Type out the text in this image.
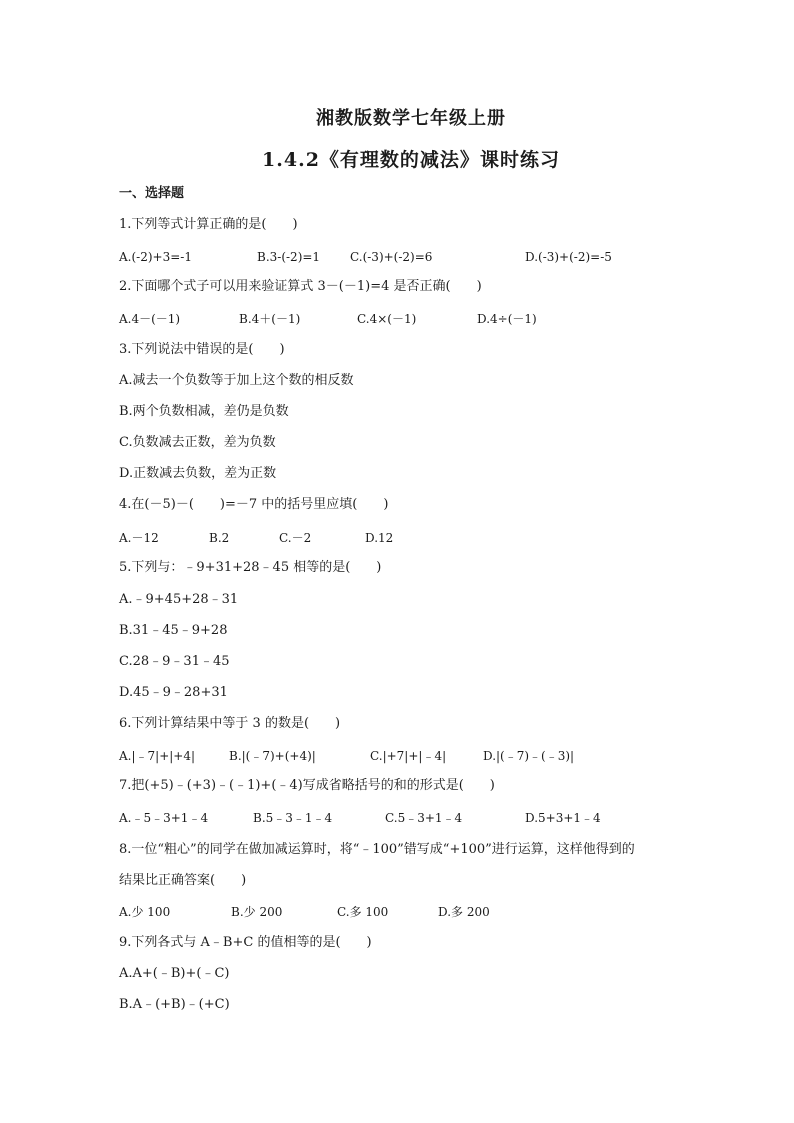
湘教版数学七年级上册
1.4.2《有理数的减法》课时练习
一、选择题
1.下列等式计算正确的是(　　)
A.(-2)+3=-1	B.3-(-2)=1 C.(-3)+(-2)=6	D.(-3)+(-2)=-5
2.下面哪个式子可以用来验证算式 3－(－1)=4 是否正确(　　)
A.4－(－1)	B.4＋(－1)	C.4×(－1)	D.4÷(－1)
3.下列说法中错误的是(　　)
A.减去一个负数等于加上这个数的相反数
B.两个负数相减，差仍是负数
C.负数减去正数，差为负数
D.正数减去负数，差为正数
4.在(－5)－(　　)=－7 中的括号里应填(　　)
A.－12	B.2	C.－2	D.12
5.下列与：﹣9+31+28﹣45 相等的是(　　)
A.﹣9+45+28﹣31
B.31﹣45﹣9+28
C.28﹣9﹣31﹣45
D.45﹣9﹣28+31
6.下列计算结果中等于 3 的数是(　　)
A.|﹣7|+|+4|	B.|(﹣7)+(+4)|	C.|+7|+|﹣4|	D.|(﹣7)﹣(﹣3)|
7.把(+5)﹣(+3)﹣(﹣1)+(﹣4)写成省略括号的和的形式是(　　)
A.﹣5﹣3+1﹣4	B.5﹣3﹣1﹣4	C.5﹣3+1﹣4	D.5+3+1﹣4
8.一位“粗心”的同学在做加减运算时，将“﹣100”错写成“+100”进行运算，这样他得到的
结果比正确答案(　　)
A.少 100	B.少 200	C.多 100	D.多 200
9.下列各式与 A﹣B+C 的值相等的是(　　)
A.A+(﹣B)+(﹣C)
B.A﹣(+B)﹣(+C)
